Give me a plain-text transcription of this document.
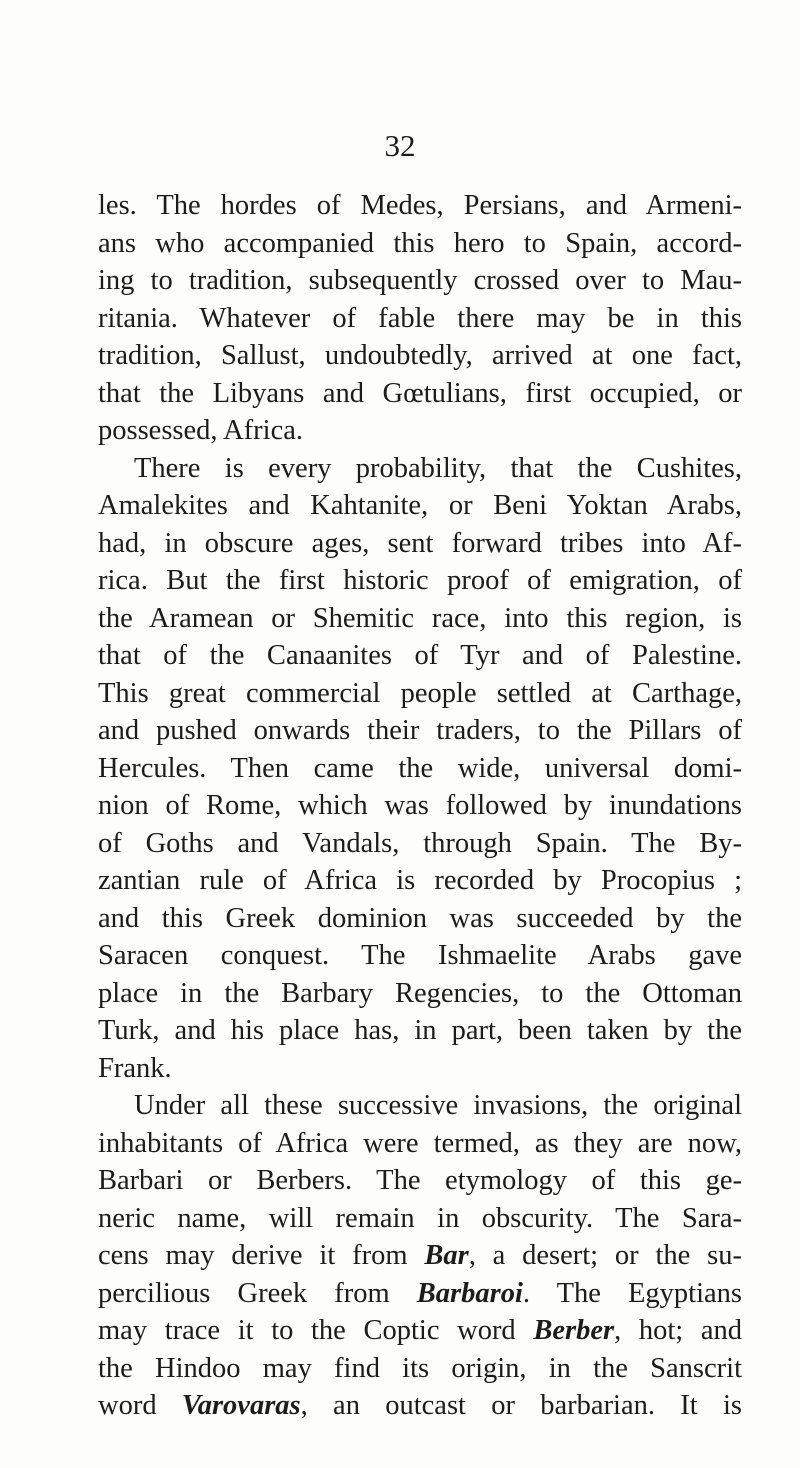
32
les. The hordes of Medes, Persians, and Armeni-
ans who accompanied this hero to Spain, accord-
ing to tradition, subsequently crossed over to Mau-
ritania. Whatever of fable there may be in this
tradition, Sallust, undoubtedly, arrived at one fact,
that the Libyans and Gœtulians, first occupied, or
possessed, Africa.
There is every probability, that the Cushites,
Amalekites and Kahtanite, or Beni Yoktan Arabs,
had, in obscure ages, sent forward tribes into Af-
rica. But the first historic proof of emigration, of
the Aramean or Shemitic race, into this region, is
that of the Canaanites of Tyr and of Palestine.
This great commercial people settled at Carthage,
and pushed onwards their traders, to the Pillars of
Hercules. Then came the wide, universal domi-
nion of Rome, which was followed by inundations
of Goths and Vandals, through Spain. The By-
zantian rule of Africa is recorded by Procopius ;
and this Greek dominion was succeeded by the
Saracen conquest. The Ishmaelite Arabs gave
place in the Barbary Regencies, to the Ottoman
Turk, and his place has, in part, been taken by the
Frank.
Under all these successive invasions, the original
inhabitants of Africa were termed, as they are now,
Barbari or Berbers. The etymology of this ge-
neric name, will remain in obscurity. The Sara-
cens may derive it from Bar, a desert; or the su-
percilious Greek from Barbaroi. The Egyptians
may trace it to the Coptic word Berber, hot; and
the Hindoo may find its origin, in the Sanscrit
word Varovaras, an outcast or barbarian. It is
